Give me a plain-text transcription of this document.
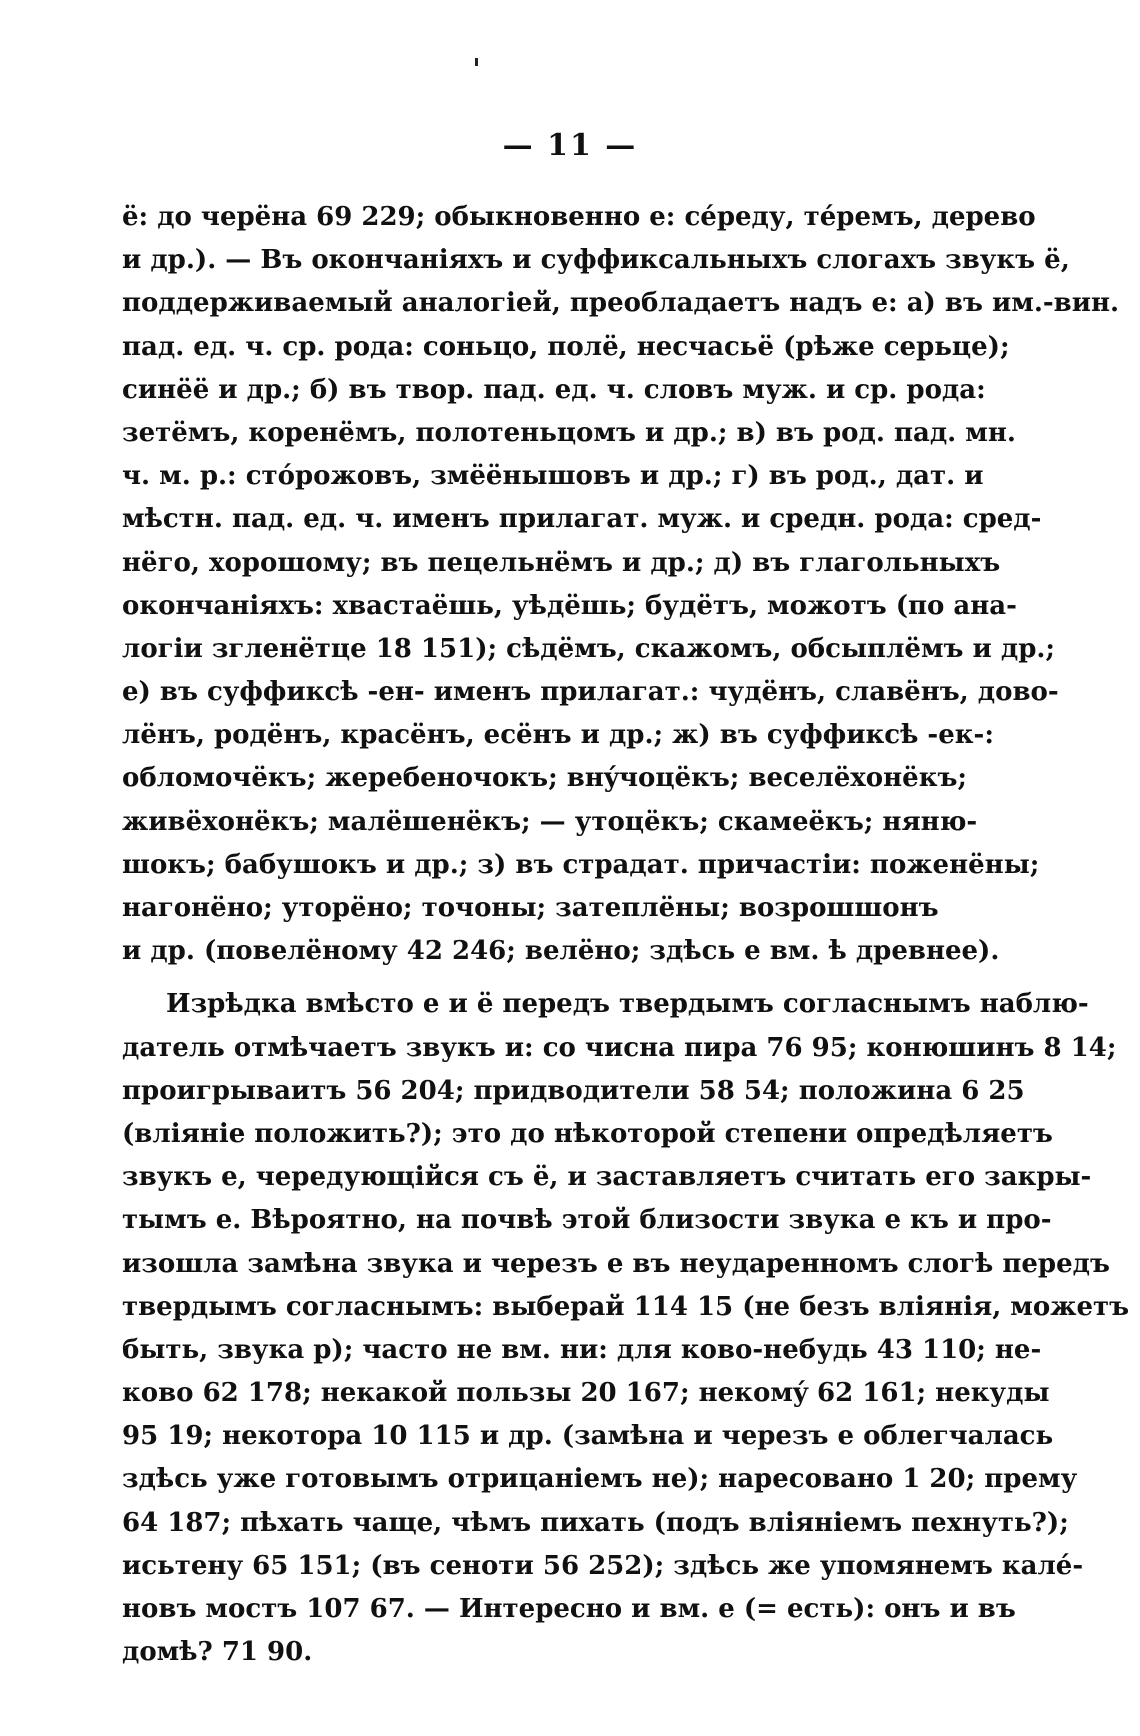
— 11 —
ё: до черёна 69 229; обыкновенно е: сéреду, тéремъ, дерево
и др.). — Въ окончаніяхъ и суффиксальныхъ слогахъ звукъ ё,
поддерживаемый аналогіей, преобладаетъ надъ е: а) въ им.-вин.
пад. ед. ч. ср. рода: соньцо, полё, несчасьё (рѣже серьце);
синёё и др.; б) въ твор. пад. ед. ч. словъ муж. и ср. рода:
зетёмъ, коренёмъ, полотеньцомъ и др.; в) въ род. пад. мн.
ч. м. р.: стóрожовъ, змёёнышовъ и др.; г) въ род., дат. и
мѣстн. пад. ед. ч. именъ прилагат. муж. и средн. рода: сред-
нёго, хорошому; въ пецельнёмъ и др.; д) въ глагольныхъ
окончаніяхъ: хвастаёшь, уѣдёшь; будётъ, можотъ (по ана-
логіи зглeнётце 18 151); сѣдёмъ, скажомъ, обсыплёмъ и др.;
е) въ суффиксѣ -ен- именъ прилагат.: чудёнъ, славёнъ, дово-
лёнъ, родёнъ, красёнъ, есёнъ и др.; ж) въ суффиксѣ -ек-:
обломочёкъ; жеребеночокъ; внýчоцёкъ; веселёхонёкъ;
живёхонёкъ; малёшенёкъ; — утоцёкъ; скамеёкъ; няню-
шокъ; бабушокъ и др.; з) въ страдат. причастіи: поженёны;
нагонёно; уторёно; точоны; затеплёны; возрошшонъ
и др. (повелёному 42 246; велёно; здѣсь е вм. ѣ древнее).
Изрѣдка вмѣсто е и ё передъ твердымъ согласнымъ наблю-
датель отмѣчаетъ звукъ и: со чисна пира 76 95; конюшинъ 8 14;
проигрываитъ 56 204; придводители 58 54; положина 6 25
(вліяніе положить?); это до нѣкоторой степени опредѣляетъ
звукъ е, чередующійся съ ё, и заставляетъ считать его закры-
тымъ е. Вѣроятно, на почвѣ этой близости звука е къ и про-
изошла замѣна звука и черезъ е въ неударенномъ слогѣ передъ
твердымъ согласнымъ: выберай 114 15 (не безъ вліянія, можетъ
быть, звука р); часто не вм. ни: для ково-небудь 43 110; не-
ково 62 178; некакой пользы 20 167; некомý 62 161; некуды
95 19; некотора 10 115 и др. (замѣна и черезъ е облегчалась
здѣсь уже готовымъ отрицаніемъ не); наресовано 1 20; прему
64 187; пѣхать чаще, чѣмъ пихать (подъ вліяніемъ пехнуть?);
исьтену 65 151; (въ сеноти 56 252); здѣсь же упомянемъ калé-
новъ мостъ 107 67. — Интересно и вм. е (= есть): онъ и въ
домѣ? 71 90.
